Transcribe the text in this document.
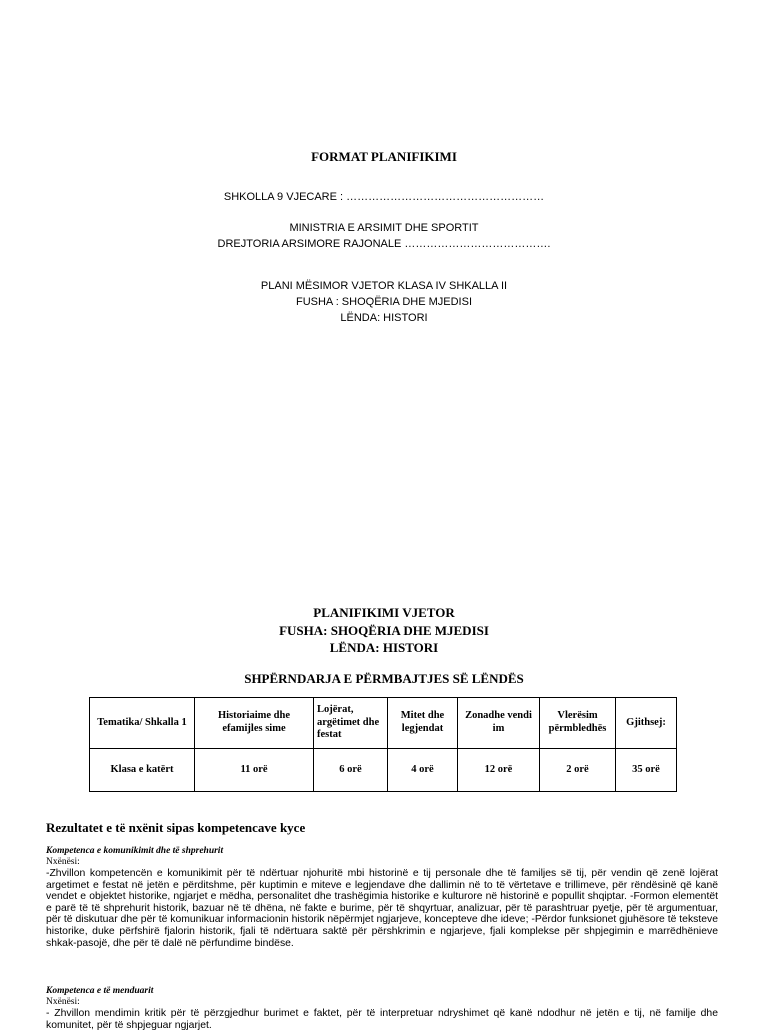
FORMAT PLANIFIKIMI
SHKOLLA 9 VJECARE : ………………………………………………
MINISTRIA E ARSIMIT DHE SPORTIT
DREJTORIA ARSIMORE RAJONALE ………………………………….
PLANI MËSIMOR VJETOR KLASA IV SHKALLA II
FUSHA : SHOQËRIA DHE MJEDISI
LËNDA: HISTORI
PLANIFIKIMI VJETOR
FUSHA: SHOQËRIA DHE MJEDISI
LËNDA: HISTORI
SHPËRNDARJA E PËRMBAJTJES SË LËNDËS
Tematika/ Shkalla 1	Historiaime dhe efamijles sime	Lojërat, argëtimet dhe festat	Mitet dhe legjendat	Zonadhe vendi im	Vlerësim përmbledhës	Gjithsej:
Klasa e katërt	11 orë	6 orë	4 orë	12 orë	2 orë	35 orë
Rezultatet e të nxënit sipas kompetencave kyce
Kompetenca e komunikimit dhe të shprehurit
Nxënësi:
-Zhvillon kompetencën e komunikimit për të ndërtuar njohuritë mbi historinë e tij personale dhe të familjes së tij, për vendin që zenë lojërat argetimet e festat në jetën e përditshme, për kuptimin e miteve e legjendave dhe dallimin në to të vërtetave e trillimeve, për rëndësinë që kanë vendet e objektet historike, ngjarjet e mëdha, personalitet dhe trashëgimia historike e kulturore në historinë e popullit shqiptar. -Formon elementët e parë të të shprehurit historik, bazuar në të dhëna, në fakte e burime, për të shqyrtuar, analizuar, për të parashtruar pyetje, për të argumentuar, për të diskutuar dhe për të komunikuar informacionin historik nëpërmjet ngjarjeve, koncepteve dhe ideve; -Përdor funksionet gjuhësore të teksteve historike, duke përfshirë fjalorin historik, fjali të ndërtuara saktë për përshkrimin e ngjarjeve, fjali komplekse për shpjegimin e marrëdhënieve shkak-pasojë, dhe për të dalë në përfundime bindëse.
Kompetenca e të menduarit
Nxënësi:
- Zhvillon mendimin kritik për të përzgjedhur burimet e faktet, për të interpretuar ndryshimet që kanë ndodhur në jetën e tij, në familje dhe komunitet, për të shpjeguar ngjarjet.
